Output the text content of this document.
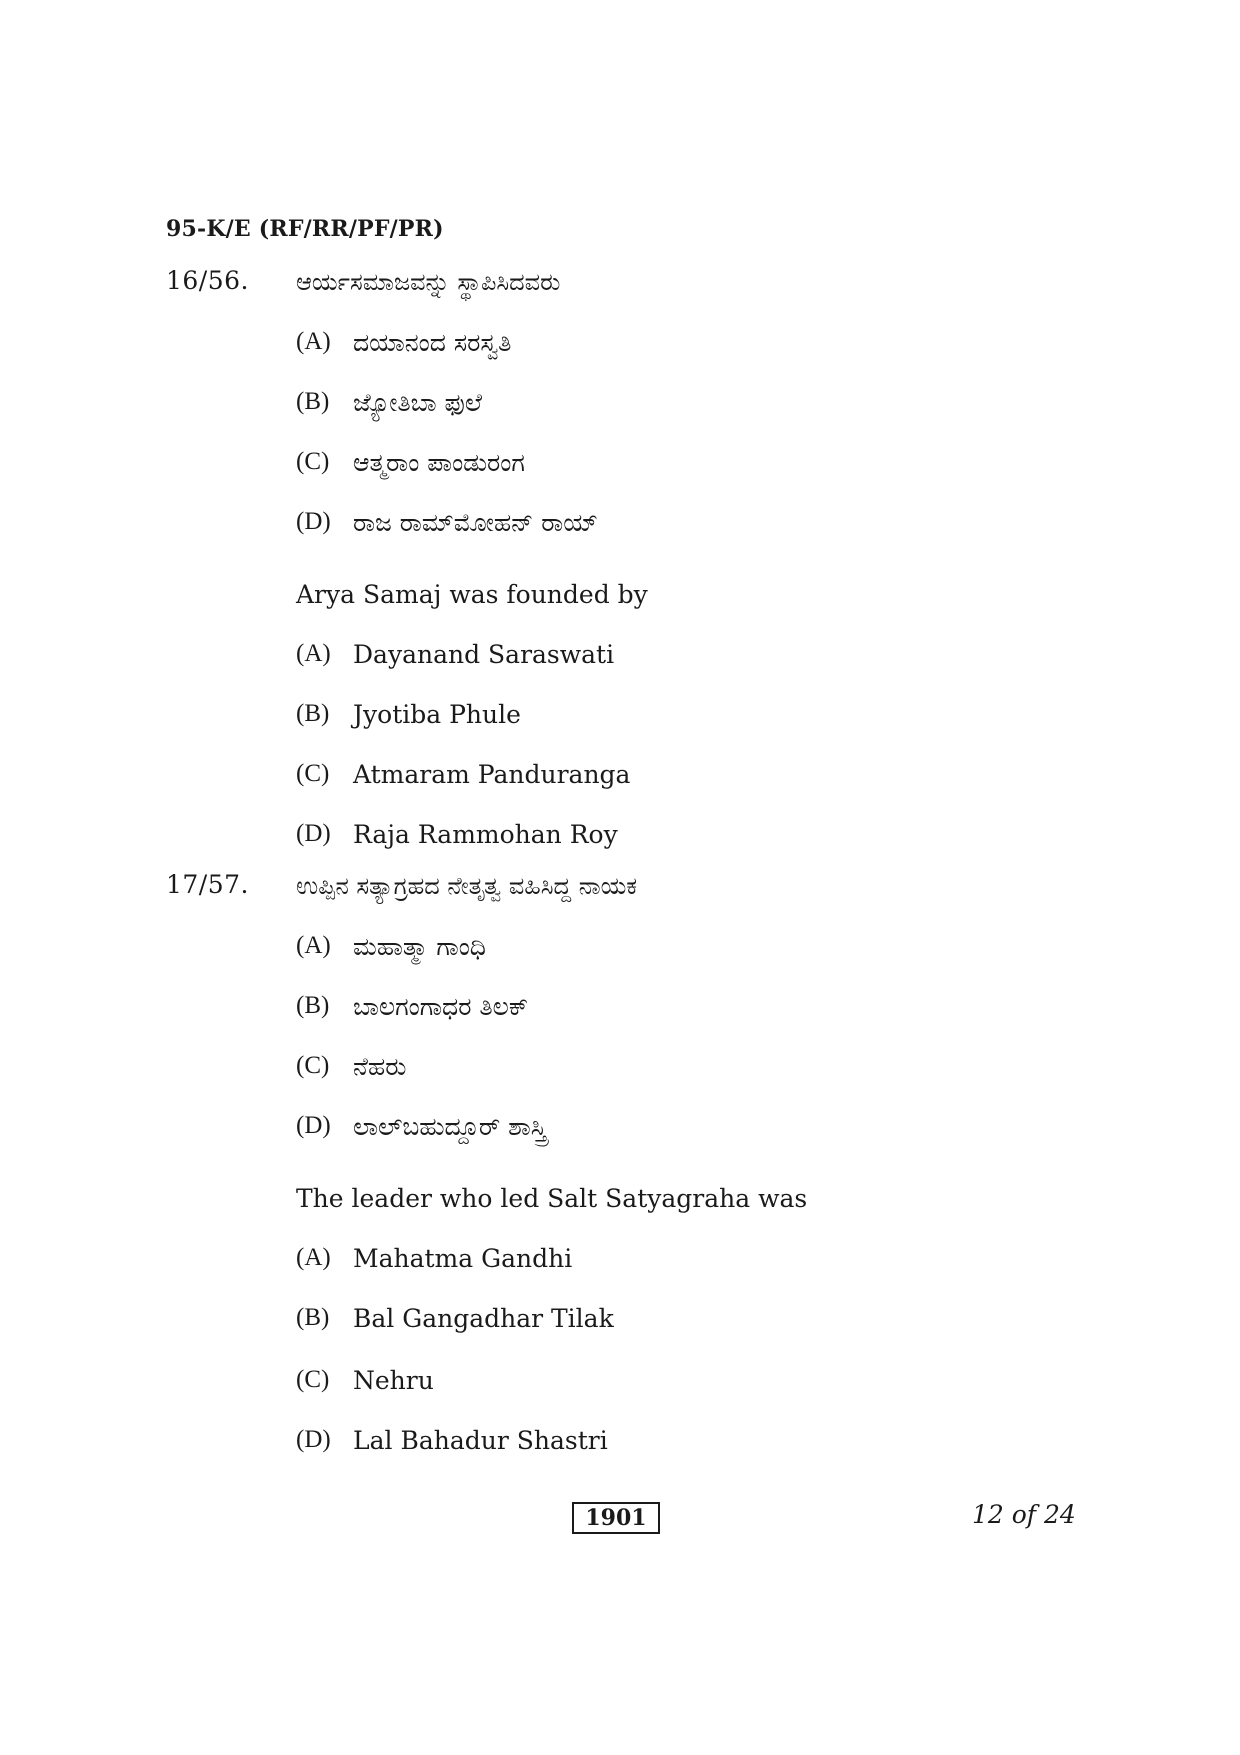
95-K/E (RF/RR/PF/PR)
16/56. ಆರ್ಯಸಮಾಜವನ್ನು ಸ್ಥಾಪಿಸಿದವರು
(A) ದಯಾನಂದ ಸರಸ್ವತಿ
(B) ಜ್ಯೋತಿಬಾ ಫುಲೆ
(C) ಆತ್ಮರಾಂ ಪಾಂಡುರಂಗ
(D) ರಾಜ ರಾಮ್‌ಮೋಹನ್ ರಾಯ್
Arya Samaj was founded by
(A) Dayanand Saraswati
(B) Jyotiba Phule
(C) Atmaram Panduranga
(D) Raja Rammohan Roy
17/57. ಉಪ್ಪಿನ ಸತ್ಯಾಗ್ರಹದ ನೇತೃತ್ವ ವಹಿಸಿದ್ದ ನಾಯಕ
(A) ಮಹಾತ್ಮಾ ಗಾಂಧಿ
(B) ಬಾಲಗಂಗಾಧರ ತಿಲಕ್
(C) ನೆಹರು
(D) ಲಾಲ್‌ಬಹುದ್ದೂರ್ ಶಾಸ್ತ್ರಿ
The leader who led Salt Satyagraha was
(A) Mahatma Gandhi
(B) Bal Gangadhar Tilak
(C) Nehru
(D) Lal Bahadur Shastri
1901	12 of 24
